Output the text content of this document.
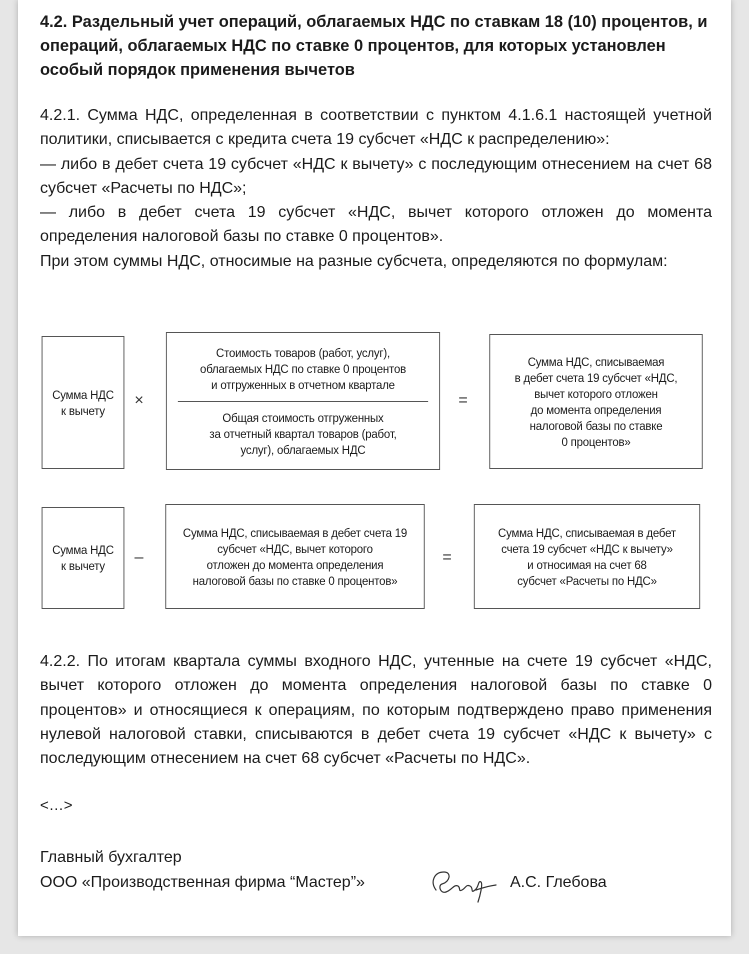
4.2. Раздельный учет операций, облагаемых НДС по ставкам 18 (10) процентов, и операций, облагаемых НДС по ставке 0 процентов, для которых установлен особый порядок применения вычетов

4.2.1. Сумма НДС, определенная в соответствии с пунктом 4.1.6.1 настоящей учетной политики, списывается с кредита счета 19 субсчет «НДС к распределению»:

— либо в дебет счета 19 субсчет «НДС к вычету» с последующим отнесением на счет 68 субсчет «Расчеты по НДС»;

— либо в дебет счета 19 субсчет «НДС, вычет которого отложен до момента определения налоговой базы по ставке 0 процентов».

При этом суммы НДС, относимые на разные субсчета, определяются по формулам:

Сумма НДС
к вычету
×
Стоимость товаров (работ, услуг),
облагаемых НДС по ставке 0 процентов
и отгруженных в отчетном квартале
Общая стоимость отгруженных
за отчетный квартал товаров (работ,
услуг), облагаемых НДС
=
Сумма НДС, списываемая
в дебет счета 19 субсчет «НДС,
вычет которого отложен
до момента определения
налоговой базы по ставке
0 процентов»
Сумма НДС
к вычету	–
Сумма НДС, списываемая в дебет счета 19
субсчет «НДС, вычет которого
отложен до момента определения
налоговой базы по ставке 0 процентов»
=
Сумма НДС, списываемая в дебет
счета 19 субсчет «НДС к вычету»
и относимая на счет 68
субсчет «Расчеты по НДС»

4.2.2. По итогам квартала суммы входного НДС, учтенные на счете 19 субсчет «НДС, вычет которого отложен до момента определения налоговой базы по ставке 0 процентов» и относящиеся к операциям, по которым подтверждено право применения нулевой налоговой ставки, списываются в дебет счета 19 субсчет «НДС к вычету» с последующим отнесением на счет 68 субсчет «Расчеты по НДС».

<…>
Главный бухгалтер
ООО «Производственная фирма “Мастер”»	А.С. Глебова
